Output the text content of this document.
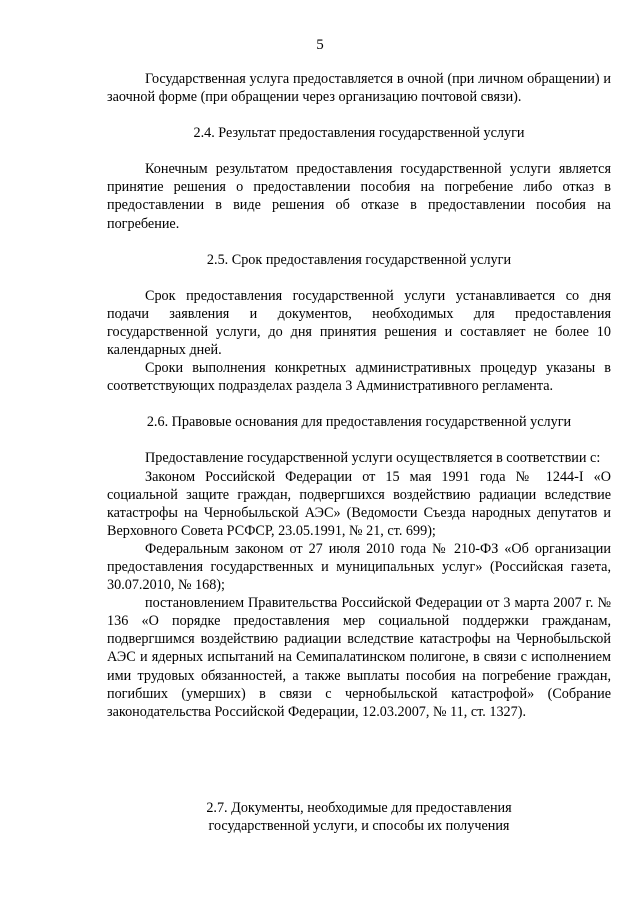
5

Государственная услуга предоставляется в очной (при личном обращении) и заочной форме (при обращении через организацию почтовой связи).

2.4. Результат предоставления государственной услуги

Конечным результатом предоставления государственной услуги является принятие решения о предоставлении пособия на погребение либо отказ в предоставлении в виде решения об отказе в предоставлении пособия на погребение.

2.5. Срок предоставления государственной услуги

Срок предоставления государственной услуги устанавливается со дня подачи заявления и документов, необходимых для предоставления государственной услуги, до дня принятия решения и составляет не более 10 календарных дней.

Сроки выполнения конкретных административных процедур указаны в соответствующих подразделах раздела 3 Административного регламента.

2.6. Правовые основания для предоставления государственной услуги

Предоставление государственной услуги осуществляется в соответствии с:

Законом Российской Федерации от 15 мая 1991 года № 1244-I «О социальной защите граждан, подвергшихся воздействию радиации вследствие катастрофы на Чернобыльской АЭС» (Ведомости Съезда народных депутатов и Верховного Совета РСФСР, 23.05.1991, № 21, ст. 699);

Федеральным законом от 27 июля 2010 года № 210-ФЗ «Об организации предоставления государственных и муниципальных услуг» (Российская газета, 30.07.2010, № 168);

постановлением Правительства Российской Федерации от 3 марта 2007 г. № 136 «О порядке предоставления мер социальной поддержки гражданам, подвергшимся воздействию радиации вследствие катастрофы на Чернобыльской АЭС и ядерных испытаний на Семипалатинском полигоне, в связи с исполнением ими трудовых обязанностей, а также выплаты пособия на погребение граждан, погибших (умерших) в связи с чернобыльской катастрофой» (Собрание законодательства Российской Федерации, 12.03.2007, № 11, ст. 1327).

2.7. Документы, необходимые для предоставления
государственной услуги, и способы их получения
